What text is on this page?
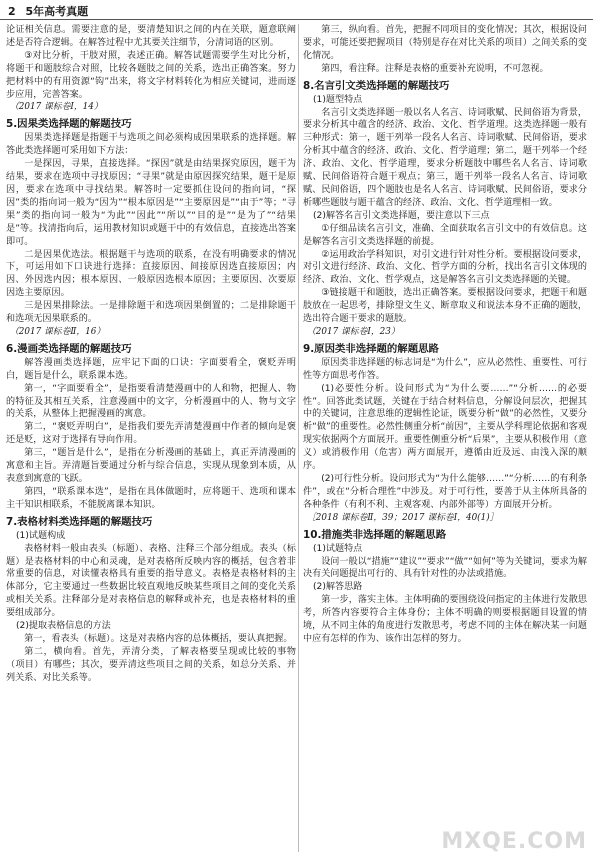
2 5年高考真题

论证相关信息。需要注意的是，要清楚知识之间的内在关联，题意联阐述是否符合逻辑。在解答过程中尤其要关注细节，分清词语的区别。

③对比分析，干肢对照，表述正确。解答试题需要学生对比分析，将题干和题肢综合对照，比较各题肢之间的关系，选出正确答案。努力把材料中的有用资源“钩”出来，将文字材料转化为相应关键词，进而逐步应用，完善答案。

（2017 课标卷Ⅰ，14）

5.因果类选择题的解题技巧

因果类选择题是指题干与选项之间必须构成因果联系的选择题。解答此类选择题可采用如下方法：

一是探因，寻果，直接选择。“探因”就是由结果探究原因，题干为结果，要求在选项中寻找原因；“寻果”就是由原因探究结果，题干是原因，要求在选项中寻找结果。解答时一定要抓住设问的指向词，“探因”类的指向词一般为“因为”“根本原因是”“主要原因是”“由于”等；“寻果”类的指向词一般为“为此”“因此”“所以”“目的是”“是为了”“结果是”等。找清指向后，运用教材知识或题干中的有效信息，直接选出答案即可。

二是因果优选法。根据题干与选项的联系，在没有明确要求的情况下，可运用如下口诀进行选择：直接原因、间接原因选直接原因；内因、外因选内因；根本原因、一般原因选根本原因；主要原因、次要原因选主要原因。

三是因果排除法。一是排除题干和选项因果倒置的；二是排除题干和选项无因果联系的。

（2017 课标卷Ⅱ，16）

6.漫画类选择题的解题技巧

解答漫画类选择题，应牢记下面的口诀：字面要看全，褒贬弄明白，题旨是什么，联系课本选。

第一，“字面要看全”，是指要看清楚漫画中的人和物，把握人、物的特征及其相互关系，注意漫画中的文字，分析漫画中的人、物与文字的关系，从整体上把握漫画的寓意。

第二，“褒贬弄明白”，是指我们要先弄清楚漫画中作者的倾向是褒还是贬，这对于选择有导向作用。

第三，“题旨是什么”，是指在分析漫画的基础上，真正弄清漫画的寓意和主旨。弄清题旨要通过分析与综合信息，实现从现象到本质，从表意到寓意的飞跃。

第四，“联系课本选”，是指在具体做题时，应将题干、选项和课本主干知识相联系，不能脱离课本知识。

7.表格材料类选择题的解题技巧

(1)试题构成

表格材料一般由表头（标题）、表格、注释三个部分组成。表头（标题）是表格材料的中心和灵魂，是对表格所反映内容的概括，包含着非常重要的信息，对读懂表格具有重要的指导意义。表格是表格材料的主体部分，它主要通过一些数据比较直观地反映某些项目之间的变化关系或相关关系。注释部分是对表格信息的解释或补充，也是表格材料的重要组成部分。

(2)提取表格信息的方法

第一，看表头（标题）。这是对表格内容的总体概括，要认真把握。

第二，横向看。首先，弄清分类，了解表格要呈现或比较的事物（项目）有哪些；其次，要弄清这些项目之间的关系，如总分关系、并列关系、对比关系等。

第三，纵向看。首先，把握不同项目的变化情况；其次，根据设问要求，可能还要把握项目（特别是存在对比关系的项目）之间关系的变化情况。

第四，看注释。注释是表格的重要补充说明，不可忽视。

8.名言引文类选择题的解题技巧

(1)题型特点

名言引文类选择题一般以名人名言、诗词歌赋、民间俗语为背景，要求分析其中蕴含的经济、政治、文化、哲学道理。这类选择题一般有三种形式：第一，题干列举一段名人名言、诗词歌赋、民间俗语，要求分析其中蕴含的经济、政治、文化、哲学道理；第二，题干列举一个经济、政治、文化、哲学道理，要求分析题肢中哪些名人名言、诗词歌赋、民间俗语符合题干观点；第三，题干列举一段名人名言、诗词歌赋、民间俗语，四个题肢也是名人名言、诗词歌赋、民间俗语，要求分析哪些题肢与题干蕴含的经济、政治、文化、哲学道理相一致。

(2)解答名言引文类选择题，要注意以下三点

①仔细品读名言引文，准确、全面获取名言引文中的有效信息。这是解答名言引文类选择题的前提。

②运用政治学科知识，对引文进行针对性分析。要根据设问要求，对引文进行经济、政治、文化、哲学方面的分析，找出名言引文体现的经济、政治、文化、哲学观点，这是解答名言引文类选择题的关键。

③链接题干和题肢，选出正确答案。要根据设问要求，把题干和题肢放在一起思考，排除望文生义、断章取义和说法本身不正确的题肢，选出符合题干要求的题肢。

（2017 课标卷Ⅰ，23）

9.原因类非选择题的解题思路

原因类非选择题的标志词是“为什么”，应从必然性、重要性、可行性等方面思考作答。

(1)必要性分析。设问形式为“为什么要……”“分析……的必要性”。回答此类试题，关键在于结合材料信息，分解设问层次，把握其中的关键词，注意思维的逻辑性论证，既要分析“做”的必然性，又要分析“做”的重要性。必然性侧重分析“前因”，主要从学科理论依据和客观现实依据两个方面展开。重要性侧重分析“后果”，主要从积极作用（意义）或消极作用（危害）两方面展开，遵循由近及远、由浅入深的顺序。

(2)可行性分析。设问形式为“为什么能够……”“分析……的有利条件”，或在“分析合理性”中涉及。对于可行性，要善于从主体所具备的各种条件（有利不利、主观客观、内部外部等）方面展开分析。

［2018 课标卷Ⅱ，39；2017 课标卷Ⅰ，40(1)］

10.措施类非选择题的解题思路

(1)试题特点

设问一般以“措施”“建议”“要求”“做”“如何”等为关键词，要求为解决有关问题提出可行的、具有针对性的办法或措施。

(2)解答思路

第一步，落实主体。主体明确的要围绕设问指定的主体进行发散思考，所答内容要符合主体身份；主体不明确的则要根据题目设置的情境，从不同主体的角度进行发散思考，考虑不同的主体在解决某一问题中应有怎样的作为、该作出怎样的努力。

MXQE.COM
